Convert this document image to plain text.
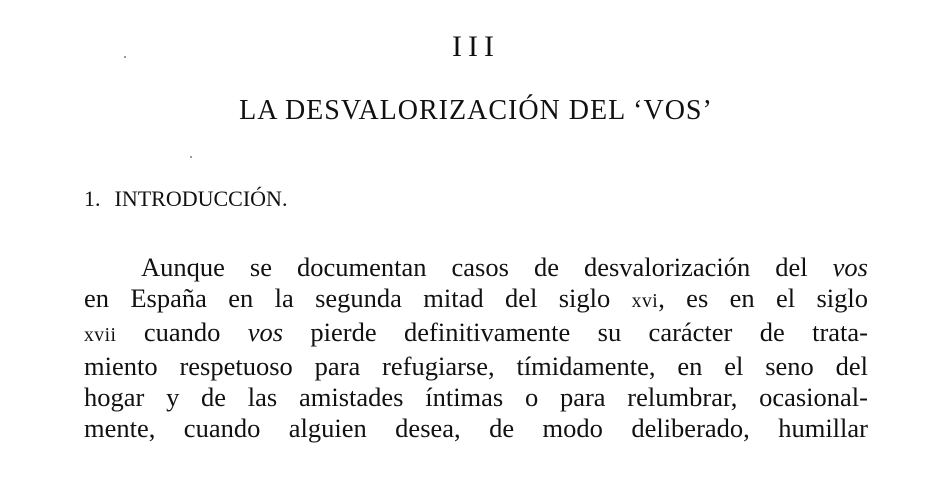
III
LA DESVALORIZACIÓN DEL ‘VOS’
1. INTRODUCCIÓN.
Aunque se documentan casos de desvalorización del vos
en España en la segunda mitad del siglo xvi, es en el siglo
xvii cuando vos pierde definitivamente su carácter de trata-
miento respetuoso para refugiarse, tímidamente, en el seno del
hogar y de las amistades íntimas o para relumbrar, ocasional-
mente, cuando alguien desea, de modo deliberado, humillar
